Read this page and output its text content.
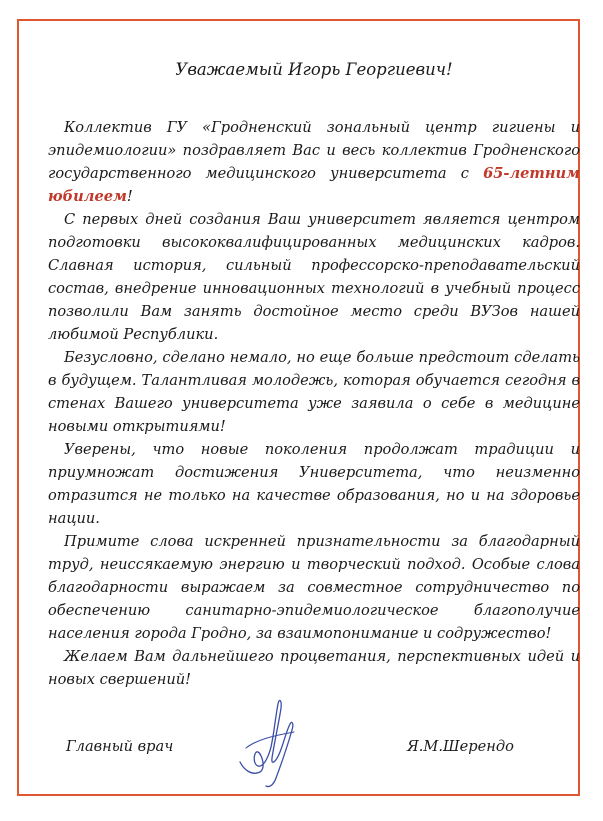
Уважаемый Игорь Георгиевич!

Коллектив ГУ «Гродненский зональный центр гигиены и эпидемиологии» поздравляет Вас и весь коллектив Гродненского государственного медицинского университета с 65-летним юбилеем!

С первых дней создания Ваш университет является центром подготовки высококвалифицированных медицинских кадров. Славная история, сильный профессорско-преподавательский состав, внедрение инновационных технологий в учебный процесс позволили Вам занять достойное место среди ВУЗов нашей любимой Республики.

Безусловно, сделано немало, но еще больше предстоит сделать в будущем. Талантливая молодежь, которая обучается сегодня в стенах Вашего университета уже заявила о себе в медицине новыми открытиями!

Уверены, что новые поколения продолжат традиции и приумножат достижения Университета, что неизменно отразится не только на качестве образования, но и на здоровье нации.

Примите слова искренней признательности за благодарный труд, неиссякаемую энергию и творческий подход. Особые слова благодарности выражаем за совместное сотрудничество по обеспечению санитарно-эпидемиологическое благополучие населения города Гродно, за взаимопонимание и содружество!

Желаем Вам дальнейшего процветания, перспективных идей и новых свершений!

Главный врач	Я.М.Шерендо
